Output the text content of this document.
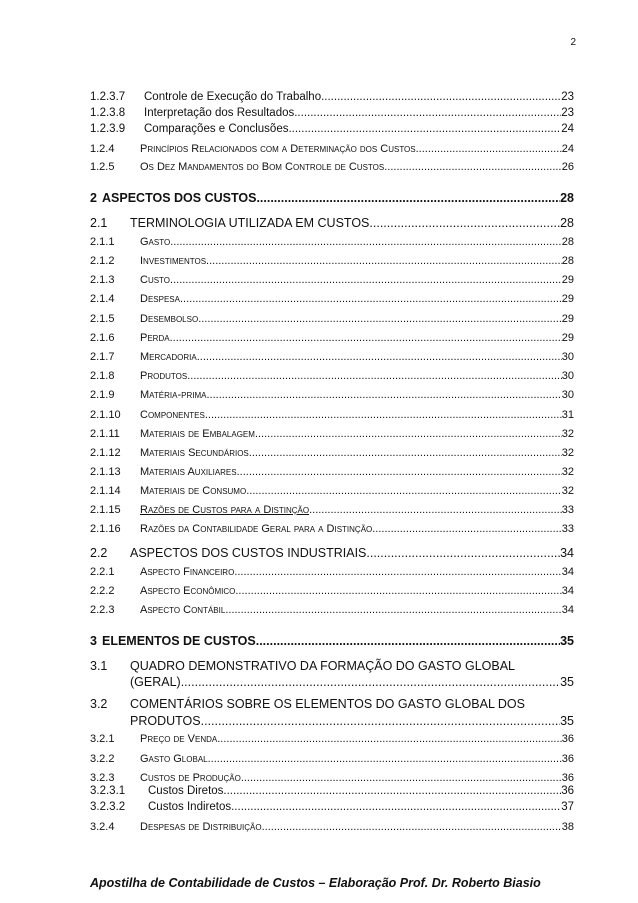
2
1.2.3.7	Controle de Execução do Trabalho .....	23
1.2.3.8	Interpretação dos Resultados .....	23
1.2.3.9	Comparações e Conclusões .....	24
1.2.4	Princípios Relacionados com a Determinação dos Custos .....	24
1.2.5	Os Dez Mandamentos do Bom Controle de Custos .....	26
2 ASPECTOS DOS CUSTOS .....	28
2.1	TERMINOLOGIA UTILIZADA EM CUSTOS .....	28
2.1.1	Gasto .....	28
2.1.2	Investimentos .....	28
2.1.3	Custo .....	29
2.1.4	Despesa .....	29
2.1.5	Desembolso .....	29
2.1.6	Perda .....	29
2.1.7	Mercadoria .....	30
2.1.8	Produtos .....	30
2.1.9	Matéria-prima .....	30
2.1.10	Componentes .....	31
2.1.11	Materiais de Embalagem .....	32
2.1.12	Materiais Secundários .....	32
2.1.13	Materiais Auxiliares .....	32
2.1.14	Materiais de Consumo .....	32
2.1.15	Razões de Custos para a Distinção .....	33
2.1.16	Razões da Contabilidade Geral para a Distinção .....	33
2.2	ASPECTOS DOS CUSTOS INDUSTRIAIS .....	34
2.2.1	Aspecto Financeiro .....	34
2.2.2	Aspecto Econômico .....	34
2.2.3	Aspecto Contábil .....	34
3 ELEMENTOS DE CUSTOS .....	35
3.1	QUADRO DEMONSTRATIVO DA FORMAÇÃO DO GASTO GLOBAL
(GERAL) .....	35
3.2	COMENTÁRIOS SOBRE OS ELEMENTOS DO GASTO GLOBAL DOS
PRODUTOS .....	35
3.2.1	Preço de Venda .....	36
3.2.2	Gasto Global .....	36
3.2.3	Custos de Produção .....	36
3.2.3.1	Custos Diretos .....	36
3.2.3.2	Custos Indiretos .....	37
3.2.4	Despesas de Distribuição .....	38
Apostilha de Contabilidade de Custos – Elaboração Prof. Dr. Roberto Biasio
